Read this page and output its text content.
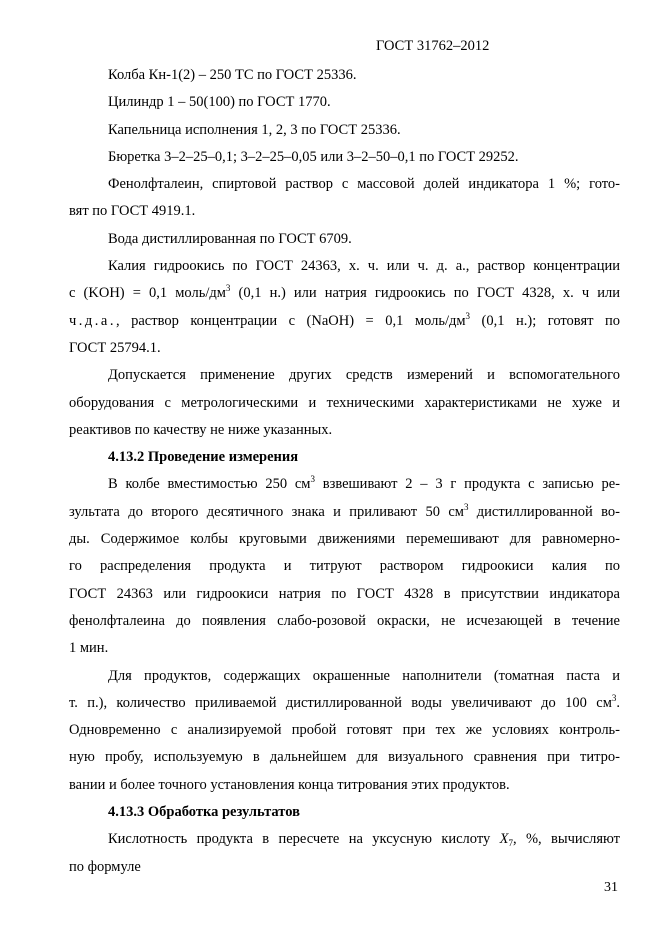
ГОСТ 31762–2012
Колба Кн-1(2) – 250 ТС по ГОСТ 25336.
Цилиндр 1 – 50(100) по ГОСТ 1770.
Капельница исполнения 1, 2, 3 по ГОСТ 25336.
Бюретка 3–2–25–0,1; 3–2–25–0,05 или 3–2–50–0,1 по ГОСТ 29252.
Фенолфталеин, спиртовой раствор с массовой долей индикатора 1 %; гото-
вят по ГОСТ 4919.1.
Вода дистиллированная по ГОСТ 6709.
Калия гидроокись по ГОСТ 24363, х. ч. или ч. д. а., раствор концентрации
с (KOH) = 0,1 моль/$дм^3$ (0,1 н.) или натрия гидроокись по ГОСТ 4328, х. ч или
ч.д.а., раствор концентрации с (NaOH) = 0,1 моль/$дм^3$ (0,1 н.); готовят по
ГОСТ 25794.1.
Допускается применение других средств измерений и вспомогательного
оборудования с метрологическими и техническими характеристиками не хуже и
реактивов по качеству не ниже указанных.
4.13.2 Проведение измерения
В колбе вместимостью 250 $см^3$ взвешивают 2 – 3 г продукта с записью ре-
зультата до второго десятичного знака и приливают 50 $см^3$ дистиллированной во-
ды. Содержимое колбы круговыми движениями перемешивают для равномерно-
го распределения продукта и титруют раствором гидроокиси калия по
ГОСТ 24363 или гидроокиси натрия по ГОСТ 4328 в присутствии индикатора
фенолфталеина до появления слабо-розовой окраски, не исчезающей в течение
1 мин.
Для продуктов, содержащих окрашенные наполнители (томатная паста и
т. п.), количество приливаемой дистиллированной воды увеличивают до 100 $см^3$.
Одновременно с анализируемой пробой готовят при тех же условиях контроль-
ную пробу, используемую в дальнейшем для визуального сравнения при титро-
вании и более точного установления конца титрования этих продуктов.
4.13.3 Обработка результатов
Кислотность продукта в пересчете на уксусную кислоту $X_7$, %, вычисляют
по формуле
31
